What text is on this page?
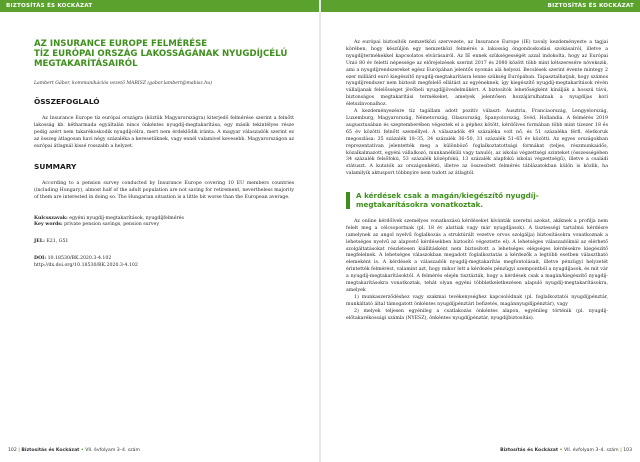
BIZTOSÍTÁS ÉS KOCKÁZAT	BIZTOSÍTÁS ÉS KOCKÁZAT
AZ INSURANCE EUROPE FELMÉRÉSE
TÍZ EURÓPAI ORSZÁG LAKOSSÁGÁNAK NYUGDÍJCÉLÚ
MEGTAKARÍTÁSAIRÓL
Lambert Gábor, kommunikációs vezető MABISZ (gabor.lambert@mabisz.hu)
ÖSSZEFOGLALÓ

Az Insurance Europe tíz európai országra (köztük Magyarországra) kiterjedő felmérése szerint a felnőtt lakosság kb. kétharmada egyáltalán nincs önkéntes nyugdíj-megtakarítása, egy másik tekintélyes része pedig azért nem takarékoskodik nyugdíjcélra, mert nem érdeklődik iránta. A magyar válaszadók szerint ez az összeg átlagosan havi négy százaléka a keresetüknek, vagy ennél valamivel kevesebb. Magyarországon az európai átlagnál kissé rosszabb a helyzet.

SUMMARY

According to a pension survey conducted by Insurance Europe covering 10 EU members countries (including Hungary), almost half of the adult population are not saving for retirement, nevertheless majority of them are interested in doing so. The Hungarian situation is a little bit worse than the European average.

Kulcsszavak: egyéni nyugdíj-megtakarítások, nyugdíjfelmérés
Key words: private pension savings, pension survey
JEL: E21, G51
DOI: 10.18530/BK.2020.3-4.102
http://dx.doi.org/10.18530/BK.2020.3-4.102

Az európai biztosítók nemzetközi szervezete, az Insurance Europe (IE) tavaly kezdeményezte a tagjai körében, hogy készüljön egy nemzetközi felmérés a lakosság öngondoskodási szokásairól, illetve a nyugdíjtermékekkel kapcsolatos elvárásairól. Az IE ennek szükségességét azzal indokolta, hogy az Európai Unió 80 év feletti népessége az előrejelzések szerint 2017 és 2080 között több mint kétszeresére növekszik, ami a nyugdíjrendszereket egész Európában jelentős nyomás alá helyezi. Becslések szerint évente mintegy 2 ezer milliárd euró kiegészítő nyugdíj-megtakarításra lenne szükség Európában. Tapasztalhatjuk, hogy számos nyugdíjrendszer nem biztosít megfelelő ellátást az egyéneknek, így kiegészítő nyugdíj-megtakarítások révén vállaljanak felelősséget jövőbeli nyugdíjjövedelmükért. A biztosítók lehetőségként kínálják a hosszú távú, biztonságos megtakarítási termékeket, amelyek jelentősen hozzájárulhatnak a nyugdíjas kori életszínvonalhoz.

A kezdeményezésre tíz tagállam adott pozitív választ: Ausztria, Franciaország, Lengyelország, Luxemburg, Magyarország, Németország, Olaszország, Spanyolország, Svéd, Hollandia. A felmérés 2019 augusztusában és szeptemberében végeztek el a géphez kötött, kérdőíves formában több mint tízezer 18 és 65 év közötti felnőtt személlyel. A válaszadók 49 százaléka volt nő, és 51 százaléka férfi, életkoruk megoszlása: 35 százalék 18–35, 34 százalék 36–50, 31 százalék 51–65 év közötti. Az egyes országokban reprezentatívan jelentették meg a különböző foglalkoztatottsági formákat (teljes, részmunkaidős, közalkalmazott, egyéni vállalkozó, munkanélküli vagy tanuló), az iskolai végzettségi szinteket (összességében 34 százalék felsőfokú, 53 százalék középfokú, 13 százalék alapfokú iskolai végzettségű), illetve a családi státuszt. A kutatók az országonkénti, illetve az összesített felmérés táblázatokban külön is közlik, ha valamilyik aktusport többnyire nem tudott az átlagtól.

A kérdések csak a magán/kiegészítő nyugdíj-megtakarításokra vonatkoztak.

Az online kérdőívek személyes vonatkozású kérdéseket kívánták szeretni azokat, akiknek a profilja nem felelt meg a célcsoportnak (pl. 18 év alattiak vagy már nyugdíjasok). A tisztességi tartalmú kérdésre (amelynek az angol nyelvű foglalkozás a struktúrált vezetve orvos szolgálja) biztosításokra vonatkoznak a lehetséges nyelvű az alapvető kérdésekben biztosító végeztette el). A lehetséges válaszadóknál az elérhető szolgáltatásokat részletesen kiállításként nem biztosított a lehetséges elégséges kérdésekre kiegészítő megfelelnek. A lehetséges válaszokban megadott foglalkoztatás a kérdezők a legtöbb esetben választható elemeként is. A kérdések a válaszadók nyugdíj-megtakarítás megfontolásait, illetve pénzügyi helyzetét érintették felmérést, valamint azt, hogy mikor lett a kérdezés pénzügyi szempontból a nyugdíjasok, és mit vár a nyugdíj-megtakarításoktól. A felmérés elején tisztázták, hogy a kérdések csak a magán/kiegészítő nyugdíj-megtakarításokra vonatkoztak, tehát olyan egyéni többletkeletkezésen alapuló nyugdíj-megtakarításokra, amelyek

1) munkaszerződéshez vagy szakmai tevékenységhez kapcsolódnak (pl. foglalkoztatói nyugdíjpénztár, munkáltató által támogatott önkéntes nyugdíjpénztári befizetés, magánnyugdíjpénztár), vagy

2) melyek teljesen egyénileg a csatlakozás önkéntes alapon, egyénileg történik (pl. nyugdíj-előtakarékossági számla (NYESZ), önkéntes nyugdíjpénztár, nyugdíjbiztosítás).

102 | Biztosítás és Kockázat • VII. évfolyam 3–4. szám	Biztosítás és Kockázat • VII. évfolyam 3–4. szám | 103
